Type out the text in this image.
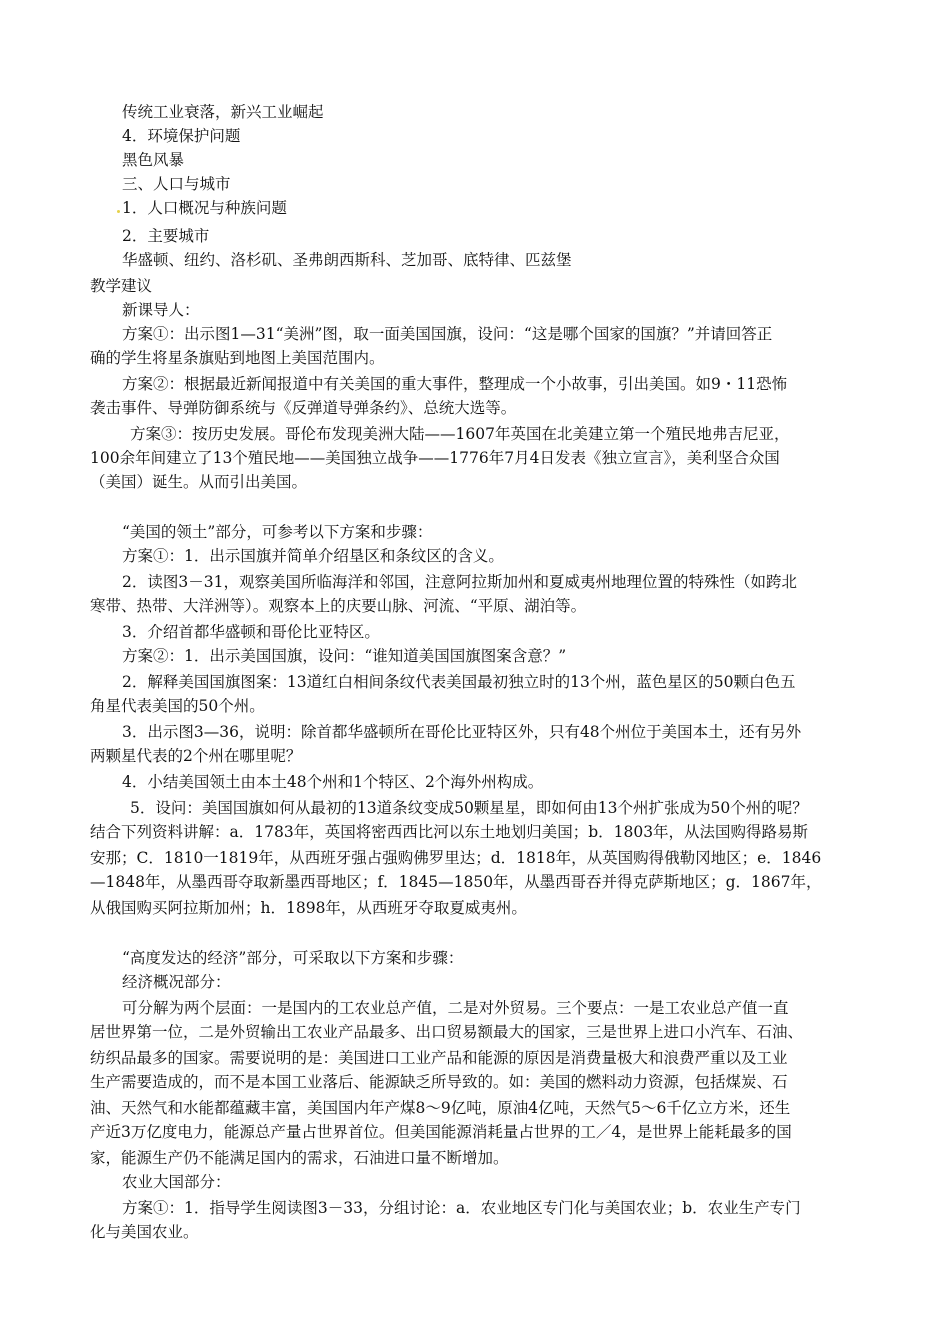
传统工业衰落，新兴工业崛起
4．环境保护问题
黑色风暴
三、人口与城市
1．人口概况与种族问题
2．主要城市
华盛顿、纽约、洛杉矶、圣弗朗西斯科、芝加哥、底特律、匹兹堡
教学建议
新课导人：
方案①：出示图1—31“美洲”图，取一面美国国旗，设问：“这是哪个国家的国旗？”并请回答正
确的学生将星条旗贴到地图上美国范围内。
方案②：根据最近新闻报道中有关美国的重大事件，整理成一个小故事，引出美国。如9・11恐怖
袭击事件、导弹防御系统与《反弹道导弹条约》、总统大选等。
方案③：按历史发展。哥伦布发现美洲大陆——1607年英国在北美建立第一个殖民地弗吉尼亚，
100余年间建立了13个殖民地——美国独立战争——1776年7月4日发表《独立宣言》，美利坚合众国
（美国）诞生。从而引出美国。
“美国的领土”部分，可参考以下方案和步骤：
方案①：1．出示国旗并简单介绍垦区和条纹区的含义。
2．读图3－31，观察美国所临海洋和邻国，注意阿拉斯加州和夏威夷州地理位置的特殊性（如跨北
寒带、热带、大洋洲等）。观察本上的庆要山脉、河流、“平原、湖泊等。
3．介绍首都华盛顿和哥伦比亚特区。
方案②：1．出示美国国旗，设问：“谁知道美国国旗图案含意？”
2．解释美国国旗图案：13道红白相间条纹代表美国最初独立时的13个州，蓝色星区的50颗白色五
角星代表美国的50个州。
3．出示图3—36，说明：除首都华盛顿所在哥伦比亚特区外，只有48个州位于美国本土，还有另外
两颗星代表的2个州在哪里呢？
4．小结美国领土由本土48个州和1个特区、2个海外州构成。
5．设问：美国国旗如何从最初的13道条纹变成50颗星星，即如何由13个州扩张成为50个州的呢？
结合下列资料讲解：a．1783年，英国将密西西比河以东土地划归美国；b．1803年，从法国购得路易斯
安那；C．1810一1819年，从西班牙强占强购佛罗里达；d．1818年，从英国购得俄勒冈地区；e．1846
—1848年，从墨西哥夺取新墨西哥地区；f．1845—1850年，从墨西哥吞并得克萨斯地区；g．1867年，
从俄国购买阿拉斯加州；h．1898年，从西班牙夺取夏威夷州。
“高度发达的经济”部分，可采取以下方案和步骤：
经济概况部分：
可分解为两个层面：一是国内的工农业总产值，二是对外贸易。三个要点：一是工农业总产值一直
居世界第一位，二是外贸输出工农业产品最多、出口贸易额最大的国家，三是世界上进口小汽车、石油、
纺织品最多的国家。需要说明的是：美国进口工业产品和能源的原因是消费量极大和浪费严重以及工业
生产需要造成的，而不是本国工业落后、能源缺乏所导致的。如：美国的燃料动力资源，包括煤炭、石
油、天然气和水能都蕴藏丰富，美国国内年产煤8～9亿吨，原油4亿吨，天然气5～6千亿立方米，还生
产近3万亿度电力，能源总产量占世界首位。但美国能源消耗量占世界的工／4，是世界上能耗最多的国
家，能源生产仍不能满足国内的需求，石油进口量不断增加。
农业大国部分：
方案①：1．指导学生阅读图3－33，分组讨论：a．农业地区专门化与美国农业；b．农业生产专门
化与美国农业。
